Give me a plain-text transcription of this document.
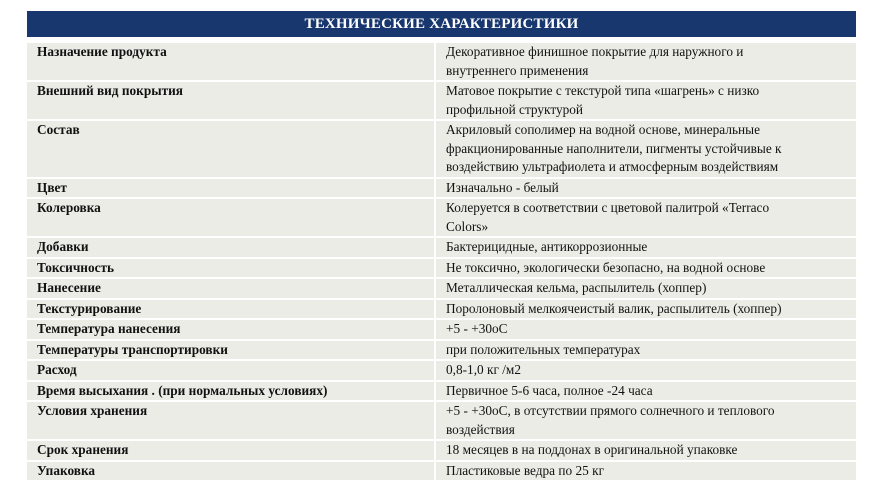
ТЕХНИЧЕСКИЕ ХАРАКТЕРИСТИКИ
Назначение продукта	Декоративное финишное покрытие для наружного и
внутреннего применения

Внешний вид покрытия	Матовое покрытие с текстурой типа «шагрень» с низко
профильной структурой

Состав	Акриловый сополимер на водной основе, минеральные
фракционированные наполнители, пигменты устойчивые к
воздействию ультрафиолета и атмосферным воздействиям

Цвет	Изначально - белый

Колеровка	Колеруется в соответствии с цветовой палитрой «Terraco
Colors»

Добавки	Бактерицидные, антикоррозионные

Токсичность	Не токсично, экологически безопасно, на водной основе

Нанесение	Металлическая кельма, распылитель (хоппер)

Текстурирование	Поролоновый мелкоячеистый валик, распылитель (хоппер)

Температура нанесения	+5 - +30оС

Температуры транспортировки	при положительных температурах

Расход	0,8-1,0 кг /м2

Время высыхания . (при нормальных условиях)	Первичное 5-6 часа, полное -24 часа

Условия хранения	+5 - +30оС, в отсутствии прямого солнечного и теплового
воздействия

Срок хранения	18 месяцев в на поддонах в оригинальной упаковке

Упаковка	Пластиковые ведра по 25 кг
